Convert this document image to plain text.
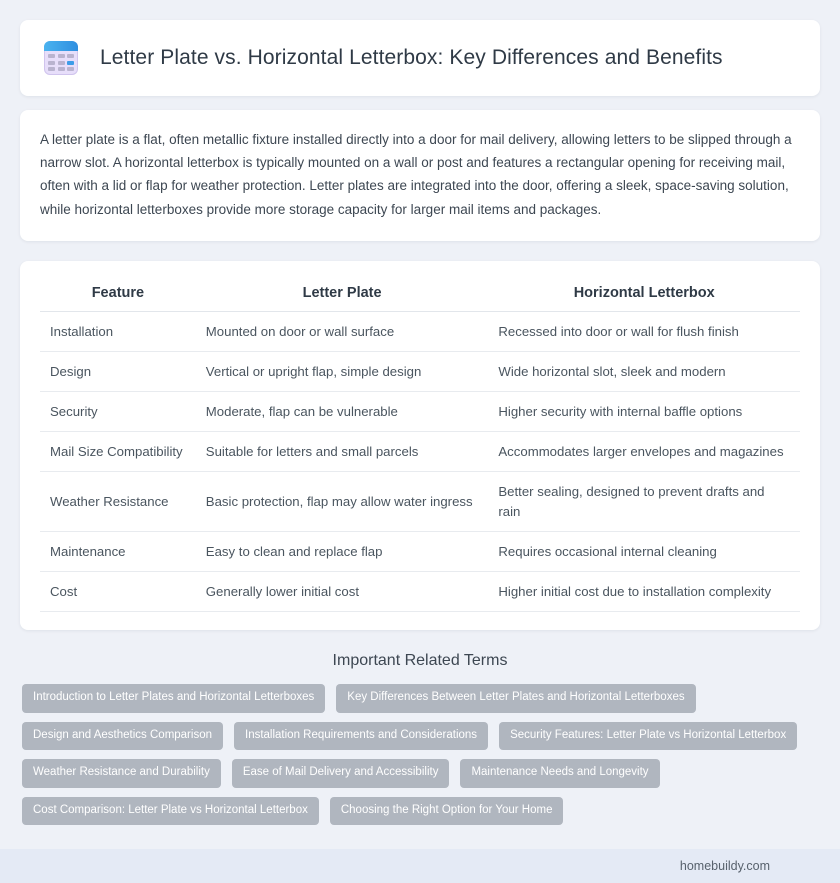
Letter Plate vs. Horizontal Letterbox: Key Differences and Benefits

A letter plate is a flat, often metallic fixture installed directly into a door for mail delivery, allowing letters to be slipped through a narrow slot. A horizontal letterbox is typically mounted on a wall or post and features a rectangular opening for receiving mail, often with a lid or flap for weather protection. Letter plates are integrated into the door, offering a sleek, space-saving solution, while horizontal letterboxes provide more storage capacity for larger mail items and packages.

Feature	Letter Plate	Horizontal Letterbox
Installation	Mounted on door or wall surface	Recessed into door or wall for flush finish
Design	Vertical or upright flap, simple design	Wide horizontal slot, sleek and modern
Security	Moderate, flap can be vulnerable	Higher security with internal baffle options
Mail Size Compatibility	Suitable for letters and small parcels	Accommodates larger envelopes and magazines
Weather Resistance	Basic protection, flap may allow water ingress	Better sealing, designed to prevent drafts and rain
Maintenance	Easy to clean and replace flap	Requires occasional internal cleaning
Cost	Generally lower initial cost	Higher initial cost due to installation complexity
Important Related Terms
Introduction to Letter Plates and Horizontal Letterboxes	Key Differences Between Letter Plates and Horizontal Letterboxes
Design and Aesthetics Comparison	Installation Requirements and Considerations	Security Features: Letter Plate vs Horizontal Letterbox
Weather Resistance and Durability	Ease of Mail Delivery and Accessibility	Maintenance Needs and Longevity
Cost Comparison: Letter Plate vs Horizontal Letterbox	Choosing the Right Option for Your Home
homebuildy.com
